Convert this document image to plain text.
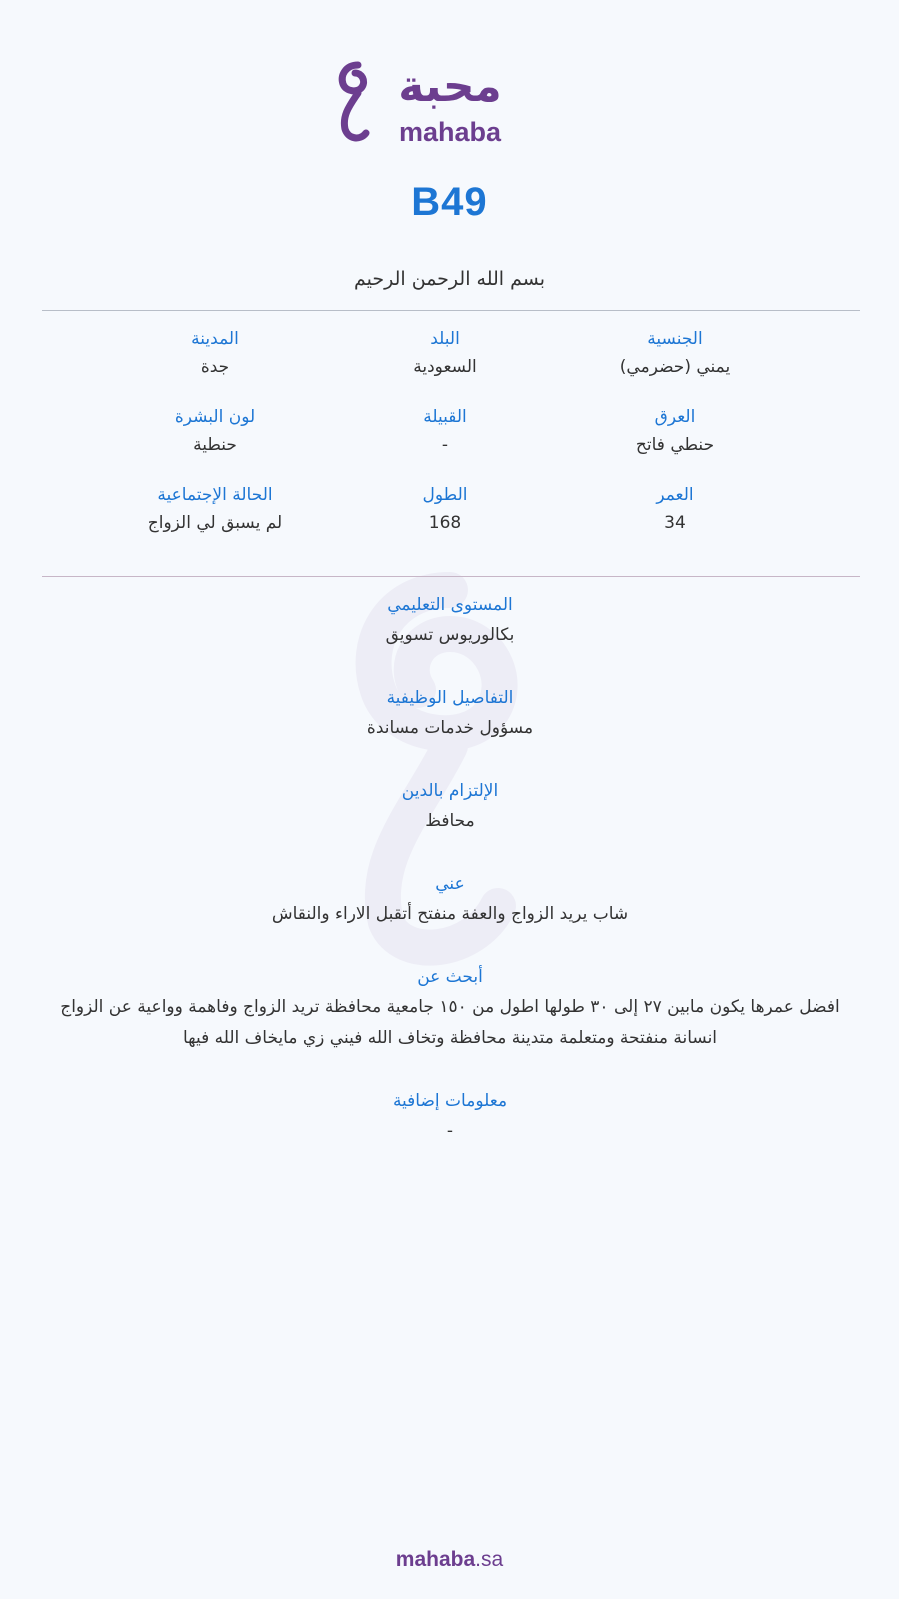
محبة
mahaba
B49
بسم الله الرحمن الرحيم
الجنسية
يمني (حضرمي)
البلد
السعودية
المدينة
جدة
العرق
حنطي فاتح
القبيلة
-
لون البشرة
حنطية
العمر
34
الطول
168
الحالة الإجتماعية
لم يسبق لي الزواج
المستوى التعليمي
بكالوريوس تسويق
التفاصيل الوظيفية
مسؤول خدمات مساندة
الإلتزام بالدين
محافظ
عني
شاب يريد الزواج والعفة منفتح أتقبل الاراء والنقاش
أبحث عن
افضل عمرها يكون مابين ٢٧ إلى ٣٠ طولها اطول من ١٥٠ جامعية محافظة تريد الزواج وفاهمة وواعية عن الزواج انسانة منفتحة ومتعلمة متدينة محافظة وتخاف الله فيني زي مايخاف الله فيها
معلومات إضافية
-
mahaba.sa
